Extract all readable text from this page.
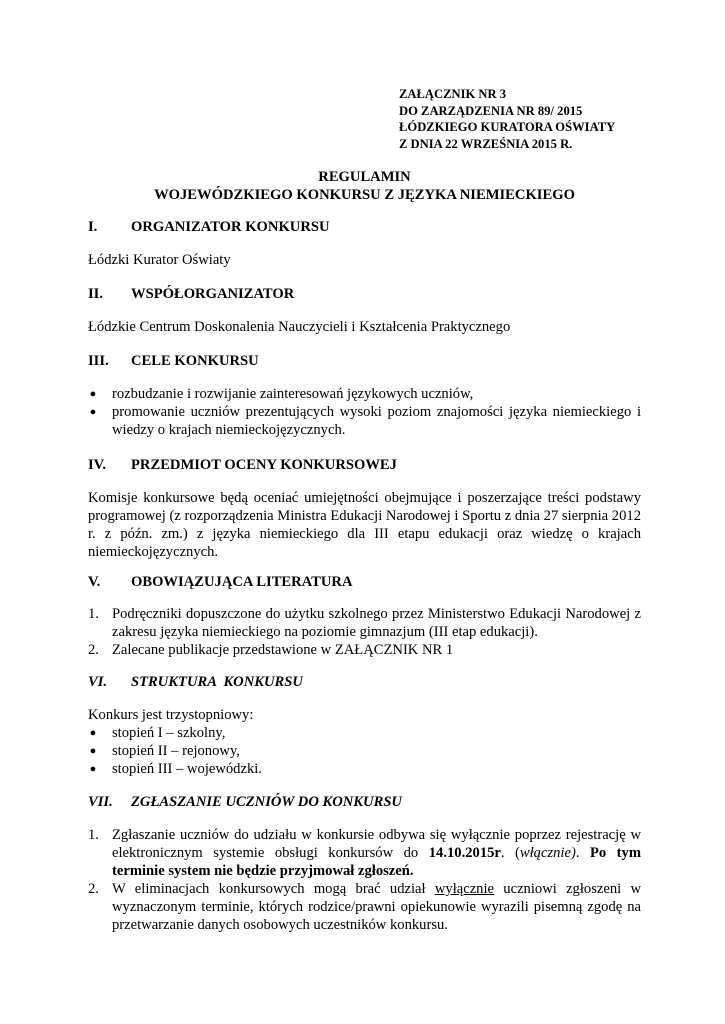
ZAŁĄCZNIK NR 3
DO ZARZĄDZENIA NR 89/ 2015
ŁÓDZKIEGO KURATORA OŚWIATY
Z DNIA 22 WRZEŚNIA 2015 R.
REGULAMIN
WOJEWÓDZKIEGO KONKURSU Z JĘZYKA NIEMIECKIEGO
I.	ORGANIZATOR KONKURSU
Łódzki Kurator Oświaty
II.	WSPÓŁORGANIZATOR
Łódzkie Centrum Doskonalenia Nauczycieli i Kształcenia Praktycznego
III.	CELE KONKURSU
● rozbudzanie i rozwijanie zainteresowań językowych uczniów,
● promowanie uczniów prezentujących wysoki poziom znajomości języka niemieckiego i wiedzy o krajach niemieckojęzycznych.
IV.	PRZEDMIOT OCENY KONKURSOWEJ
Komisje konkursowe będą oceniać umiejętności obejmujące i poszerzające treści podstawy programowej (z rozporządzenia Ministra Edukacji Narodowej i Sportu z dnia 27 sierpnia 2012 r. z późn. zm.) z języka niemieckiego dla III etapu edukacji oraz wiedzę o krajach niemieckojęzycznych.
V.	OBOWIĄZUJĄCA LITERATURA
1. Podręczniki dopuszczone do użytku szkolnego przez Ministerstwo Edukacji Narodowej z zakresu języka niemieckiego na poziomie gimnazjum (III etap edukacji).
2. Zalecane publikacje przedstawione w ZAŁĄCZNIK NR 1
VI.	STRUKTURA  KONKURSU
Konkurs jest trzystopniowy:
● stopień I – szkolny,
● stopień II – rejonowy,
● stopień III – wojewódzki.
VII.	ZGŁASZANIE UCZNIÓW DO KONKURSU
1. Zgłaszanie uczniów do udziału w konkursie odbywa się wyłącznie poprzez rejestrację w elektronicznym systemie obsługi konkursów do 14.10.2015r. (włącznie). Po tym terminie system nie będzie przyjmował zgłoszeń.
2. W eliminacjach konkursowych mogą brać udział wyłącznie uczniowi zgłoszeni w wyznaczonym terminie, których rodzice/prawni opiekunowie wyrazili pisemną zgodę na przetwarzanie danych osobowych uczestników konkursu.
